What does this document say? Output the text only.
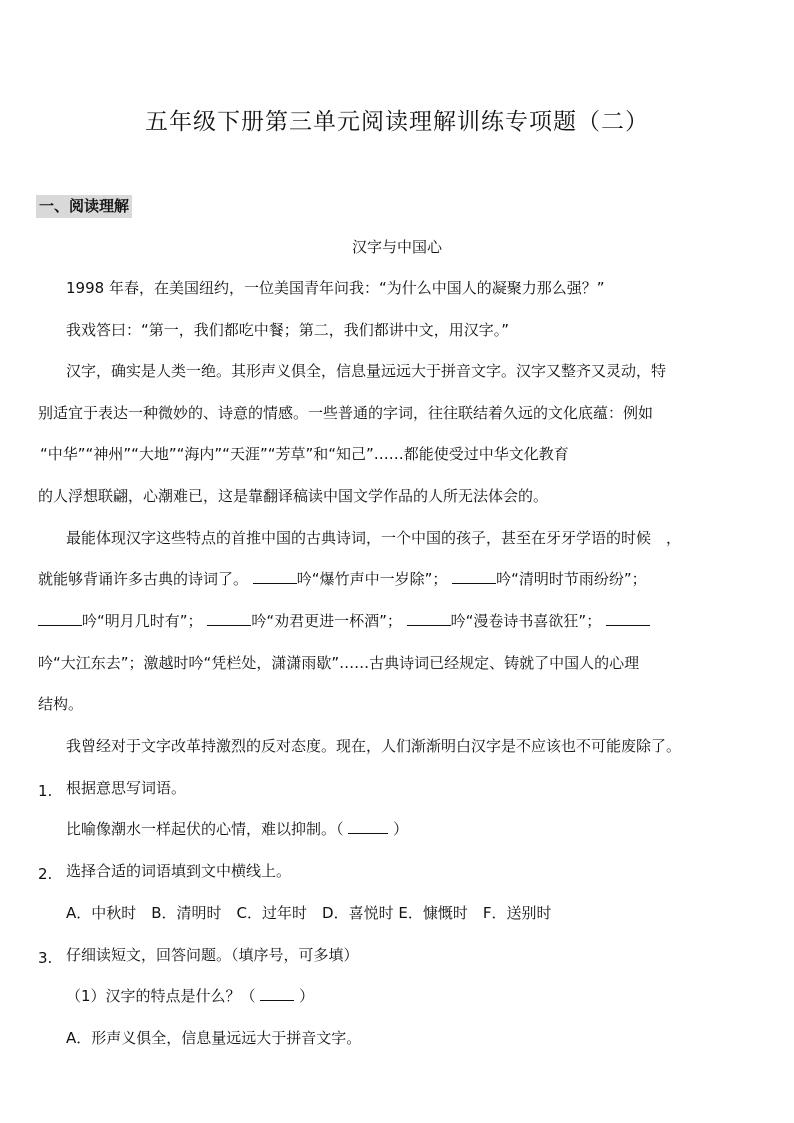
五年级下册第三单元阅读理解训练专项题（二）
一、阅读理解
汉字与中国心
1998 年春，在美国纽约，一位美国青年问我：“为什么中国人的凝聚力那么强？”
我戏答曰：“第一，我们都吃中餐；第二，我们都讲中文，用汉字。”
汉字，确实是人类一绝。其形声义俱全，信息量远远大于拼音文字。汉字又整齐又灵动，特
别适宜于表达一种微妙的、诗意的情感。一些普通的字词，往往联结着久远的文化底蕴：例如
“中华”“神州”“大地”“海内”“天涯”“芳草”和“知己”……都能使受过中华文化教育
的人浮想联翩，心潮难已，这是靠翻译稿读中国文学作品的人所无法体会的。
最能体现汉字这些特点的首推中国的古典诗词，一个中国的孩子，甚至在牙牙学语的时候　，
就能够背诵许多古典的诗词了。	吟“爆竹声中一岁除”；	吟“清明时节雨纷纷”；
吟“明月几时有”；	吟“劝君更进一杯酒”；	吟“漫卷诗书喜欲狂”；
吟“大江东去”；激越时吟“凭栏处，潇潇雨歇”……古典诗词已经规定、铸就了中国人的心理
结构。
我曾经对于文字改革持激烈的反对态度。现在，人们渐渐明白汉字是不应该也不可能废除了。
1. 根据意思写词语。
比喻像潮水一样起伏的心情，难以抑制。（	）
2. 选择合适的词语填到文中横线上。
A．中秋时　B．清明时　C．过年时　D．喜悦时 E．慷慨时　F．送别时
3. 仔细读短文，回答问题。（填序号，可多填）
（1）汉字的特点是什么？（	）
A．形声义俱全，信息量远远大于拼音文字。
